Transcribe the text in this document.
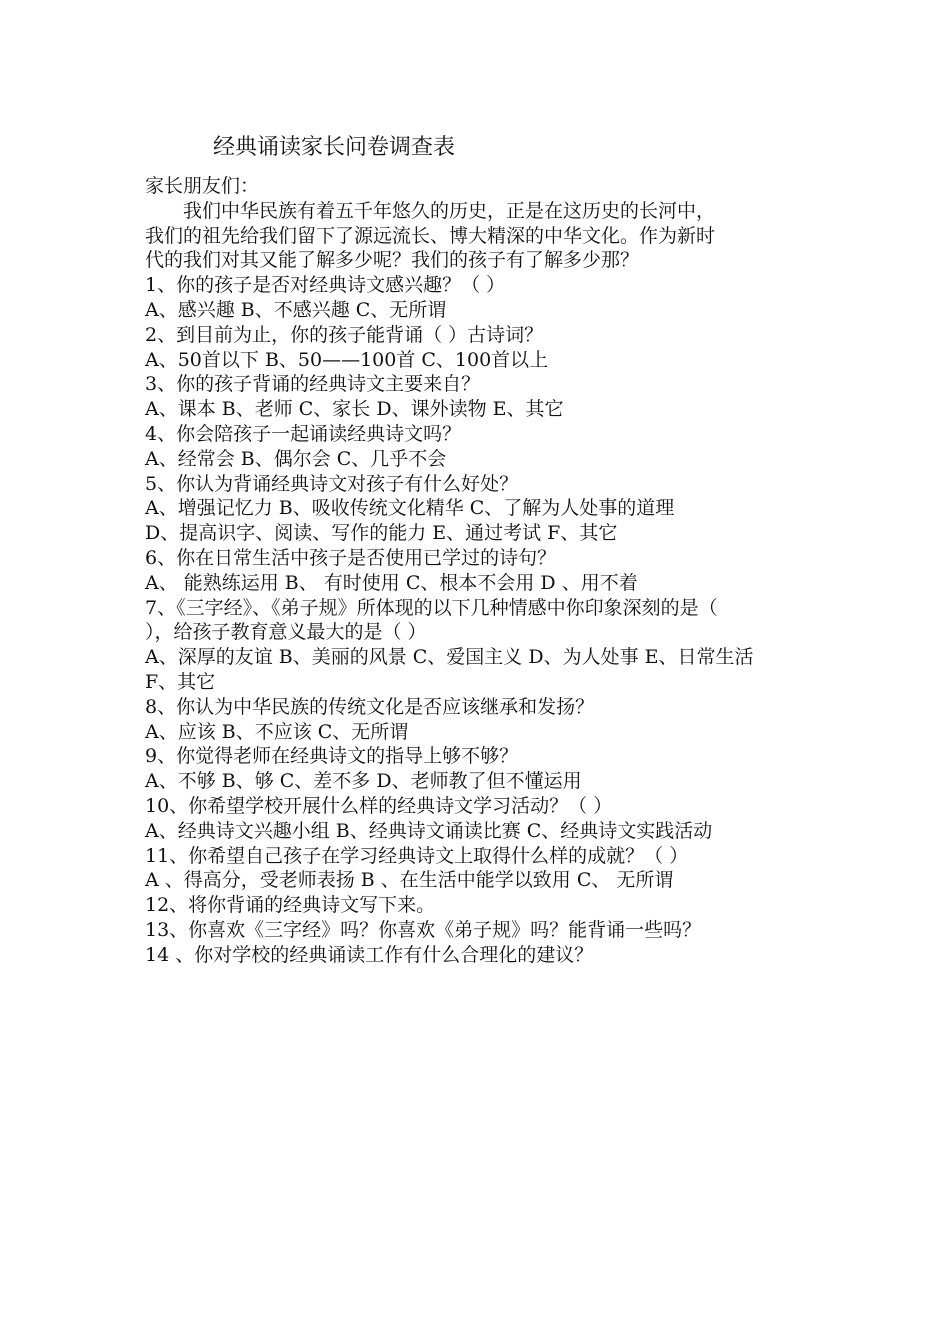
经典诵读家长问卷调查表
家长朋友们：
我们中华民族有着五千年悠久的历史，正是在这历史的长河中，
我们的祖先给我们留下了源远流长、博大精深的中华文化。作为新时
代的我们对其又能了解多少呢？我们的孩子有了解多少那？
1、你的孩子是否对经典诗文感兴趣？（ ）
A、感兴趣 B、不感兴趣 C、无所谓
2、到目前为止，你的孩子能背诵（ ）古诗词？
A、50首以下 B、50——100首 C、100首以上
3、你的孩子背诵的经典诗文主要来自？
A、课本 B、老师 C、家长 D、课外读物 E、其它
4、你会陪孩子一起诵读经典诗文吗？
A、经常会 B、偶尔会 C、几乎不会
5、你认为背诵经典诗文对孩子有什么好处？
A、增强记忆力 B、吸收传统文化精华 C、了解为人处事的道理
D、提高识字、阅读、写作的能力 E、通过考试 F、其它
6、你在日常生活中孩子是否使用已学过的诗句？
A、 能熟练运用 B、 有时使用 C、根本不会用 D 、用不着
7、《三字经》、《弟子规》所体现的以下几种情感中你印象深刻的是（
），给孩子教育意义最大的是（ ）
A、深厚的友谊 B、美丽的风景 C、爱国主义 D、为人处事 E、日常生活
F、其它
8、你认为中华民族的传统文化是否应该继承和发扬？
A、应该 B、不应该 C、无所谓
9、你觉得老师在经典诗文的指导上够不够？
A、不够 B、够 C、差不多 D、老师教了但不懂运用
10、你希望学校开展什么样的经典诗文学习活动？（ ）
A、经典诗文兴趣小组 B、经典诗文诵读比赛 C、经典诗文实践活动
11、你希望自己孩子在学习经典诗文上取得什么样的成就？（ ）
A 、得高分，受老师表扬 B 、在生活中能学以致用 C、 无所谓
12、将你背诵的经典诗文写下来。
13、你喜欢《三字经》吗？你喜欢《弟子规》吗？能背诵一些吗？
14 、你对学校的经典诵读工作有什么合理化的建议？
